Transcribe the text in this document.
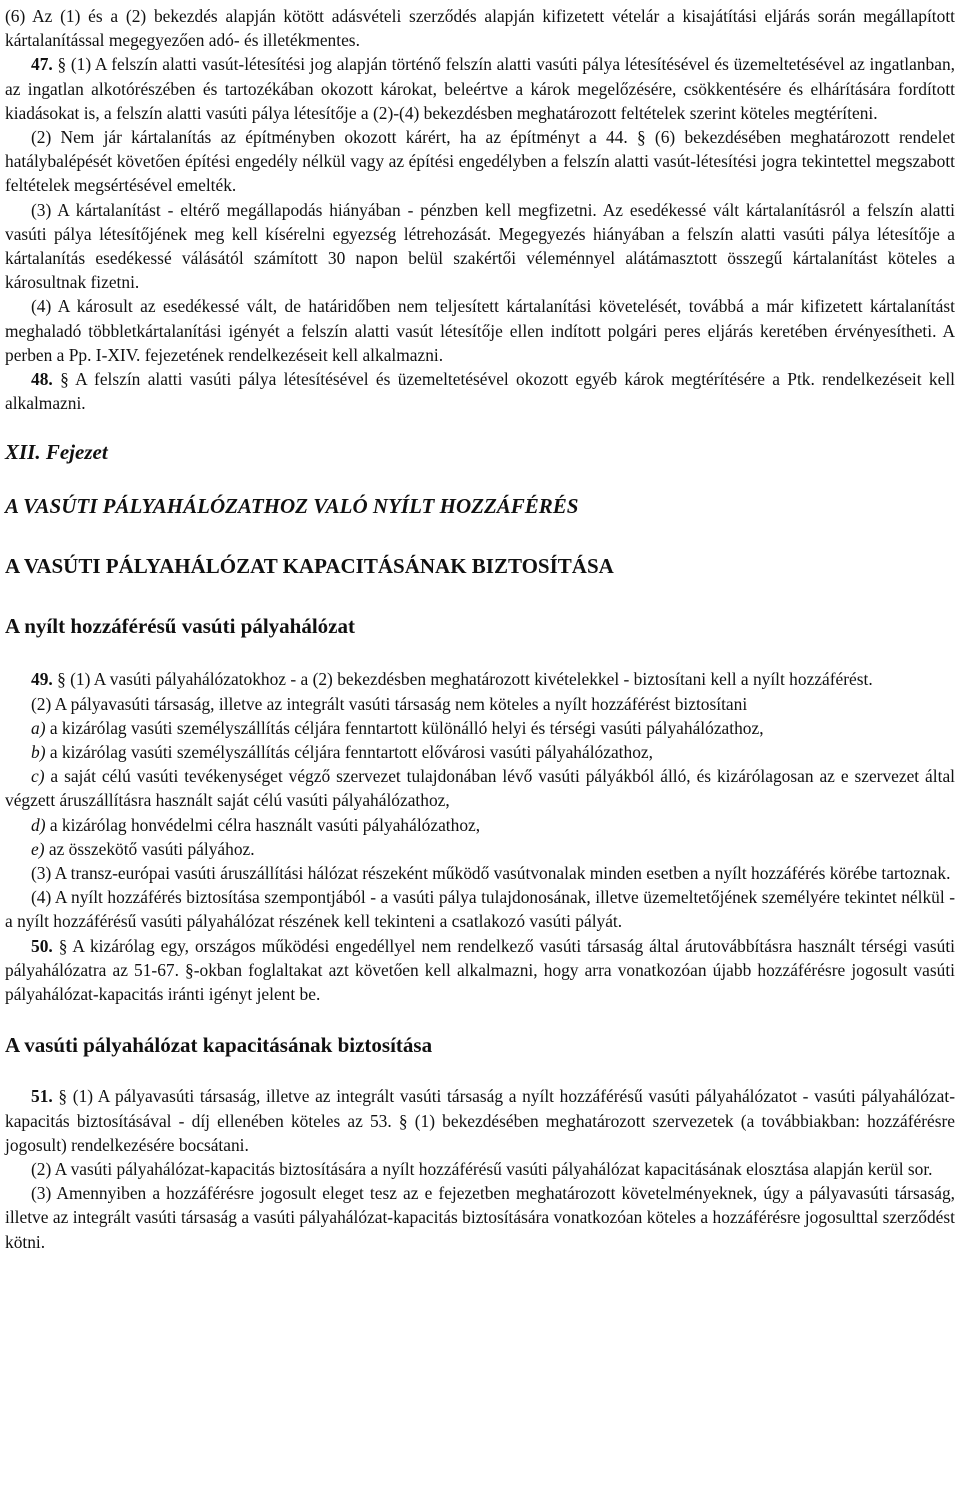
(6) Az (1) és a (2) bekezdés alapján kötött adásvételi szerződés alapján kifizetett vételár a kisajátítási eljárás során megállapított kártalanítással megegyezően adó- és illetékmentes.

47. § (1) A felszín alatti vasút-létesítési jog alapján történő felszín alatti vasúti pálya létesítésével és üzemeltetésével az ingatlanban, az ingatlan alkotórészében és tartozékában okozott károkat, beleértve a károk megelőzésére, csökkentésére és elhárítására fordított kiadásokat is, a felszín alatti vasúti pálya létesítője a (2)-(4) bekezdésben meghatározott feltételek szerint köteles megtéríteni.

(2) Nem jár kártalanítás az építményben okozott kárért, ha az építményt a 44. § (6) bekezdésében meghatározott rendelet hatálybalépését követően építési engedély nélkül vagy az építési engedélyben a felszín alatti vasút-létesítési jogra tekintettel megszabott feltételek megsértésével emelték.

(3) A kártalanítást - eltérő megállapodás hiányában - pénzben kell megfizetni. Az esedékessé vált kártalanításról a felszín alatti vasúti pálya létesítőjének meg kell kísérelni egyezség létrehozását. Megegyezés hiányában a felszín alatti vasúti pálya létesítője a kártalanítás esedékessé válásától számított 30 napon belül szakértői véleménnyel alátámasztott összegű kártalanítást köteles a károsultnak fizetni.

(4) A károsult az esedékessé vált, de határidőben nem teljesített kártalanítási követelését, továbbá a már kifizetett kártalanítást meghaladó többletkártalanítási igényét a felszín alatti vasút létesítője ellen indított polgári peres eljárás keretében érvényesítheti. A perben a Pp. I-XIV. fejezetének rendelkezéseit kell alkalmazni.

48. § A felszín alatti vasúti pálya létesítésével és üzemeltetésével okozott egyéb károk megtérítésére a Ptk. rendelkezéseit kell alkalmazni.

XII. Fejezet
A VASÚTI PÁLYAHÁLÓZATHOZ VALÓ NYÍLT HOZZÁFÉRÉS
A VASÚTI PÁLYAHÁLÓZAT KAPACITÁSÁNAK BIZTOSÍTÁSA
A nyílt hozzáférésű vasúti pályahálózat

49. § (1) A vasúti pályahálózatokhoz - a (2) bekezdésben meghatározott kivételekkel - biztosítani kell a nyílt hozzáférést.

(2) A pályavasúti társaság, illetve az integrált vasúti társaság nem köteles a nyílt hozzáférést biztosítani

a) a kizárólag vasúti személyszállítás céljára fenntartott különálló helyi és térségi vasúti pályahálózathoz,

b) a kizárólag vasúti személyszállítás céljára fenntartott elővárosi vasúti pályahálózathoz,

c) a saját célú vasúti tevékenységet végző szervezet tulajdonában lévő vasúti pályákból álló, és kizárólagosan az e szervezet által végzett áruszállításra használt saját célú vasúti pályahálózathoz,

d) a kizárólag honvédelmi célra használt vasúti pályahálózathoz,

e) az összekötő vasúti pályához.

(3) A transz-európai vasúti áruszállítási hálózat részeként működő vasútvonalak minden esetben a nyílt hozzáférés körébe tartoznak.

(4) A nyílt hozzáférés biztosítása szempontjából - a vasúti pálya tulajdonosának, illetve üzemeltetőjének személyére tekintet nélkül - a nyílt hozzáférésű vasúti pályahálózat részének kell tekinteni a csatlakozó vasúti pályát.

50. § A kizárólag egy, országos működési engedéllyel nem rendelkező vasúti társaság által árutovábbításra használt térségi vasúti pályahálózatra az 51-67. §-okban foglaltakat azt követően kell alkalmazni, hogy arra vonatkozóan újabb hozzáférésre jogosult vasúti pályahálózat-kapacitás iránti igényt jelent be.

A vasúti pályahálózat kapacitásának biztosítása

51. § (1) A pályavasúti társaság, illetve az integrált vasúti társaság a nyílt hozzáférésű vasúti pályahálózatot - vasúti pályahálózat-kapacitás biztosításával - díj ellenében köteles az 53. § (1) bekezdésében meghatározott szervezetek (a továbbiakban: hozzáférésre jogosult) rendelkezésére bocsátani.

(2) A vasúti pályahálózat-kapacitás biztosítására a nyílt hozzáférésű vasúti pályahálózat kapacitásának elosztása alapján kerül sor.

(3) Amennyiben a hozzáférésre jogosult eleget tesz az e fejezetben meghatározott követelményeknek, úgy a pályavasúti társaság, illetve az integrált vasúti társaság a vasúti pályahálózat-kapacitás biztosítására vonatkozóan köteles a hozzáférésre jogosulttal szerződést kötni.
